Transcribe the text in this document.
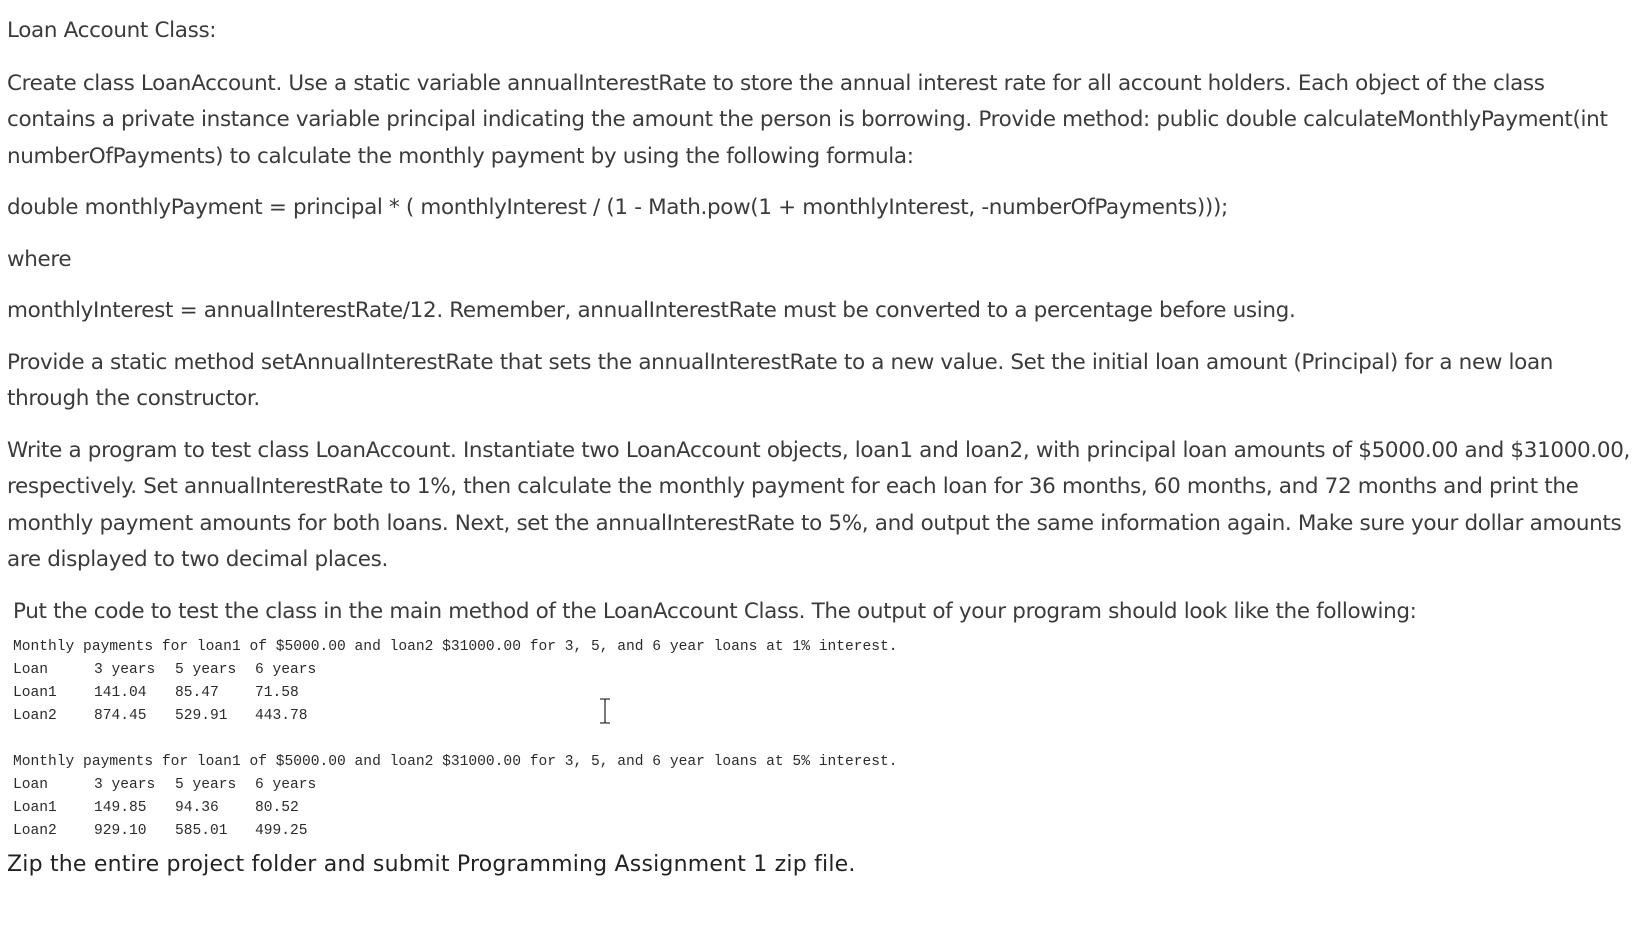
Loan Account Class:

Create class LoanAccount. Use a static variable annualInterestRate to store the annual interest rate for all account holders. Each object of the class contains a private instance variable principal indicating the amount the person is borrowing. Provide method: public double calculateMonthlyPayment(int numberOfPayments) to calculate the monthly payment by using the following formula:

double monthlyPayment = principal * ( monthlyInterest / (1 - Math.pow(1 + monthlyInterest, -numberOfPayments)));

where

monthlyInterest = annualInterestRate/12. Remember, annualInterestRate must be converted to a percentage before using.

Provide a static method setAnnualInterestRate that sets the annualInterestRate to a new value. Set the initial loan amount (Principal) for a new loan through the constructor.

Write a program to test class LoanAccount. Instantiate two LoanAccount objects, loan1 and loan2, with principal loan amounts of $5000.00 and $31000.00, respectively. Set annualInterestRate to 1%, then calculate the monthly payment for each loan for 36 months, 60 months, and 72 months and print the monthly payment amounts for both loans. Next, set the annualInterestRate to 5%, and output the same information again. Make sure your dollar amounts are displayed to two decimal places.

Put the code to test the class in the main method of the LoanAccount Class. The output of your program should look like the following:

Monthly payments for loan1 of $5000.00 and loan2 $31000.00 for 3, 5, and 6 year loans at 1% interest.
Loan	3 years	5 years	6 years
Loan1	141.04	85.47	71.58
Loan2	874.45	529.91	443.78
Monthly payments for loan1 of $5000.00 and loan2 $31000.00 for 3, 5, and 6 year loans at 5% interest.
Loan	3 years	5 years	6 years
Loan1	149.85	94.36	80.52
Loan2	929.10	585.01	499.25
Zip the entire project folder and submit Programming Assignment 1 zip file.
